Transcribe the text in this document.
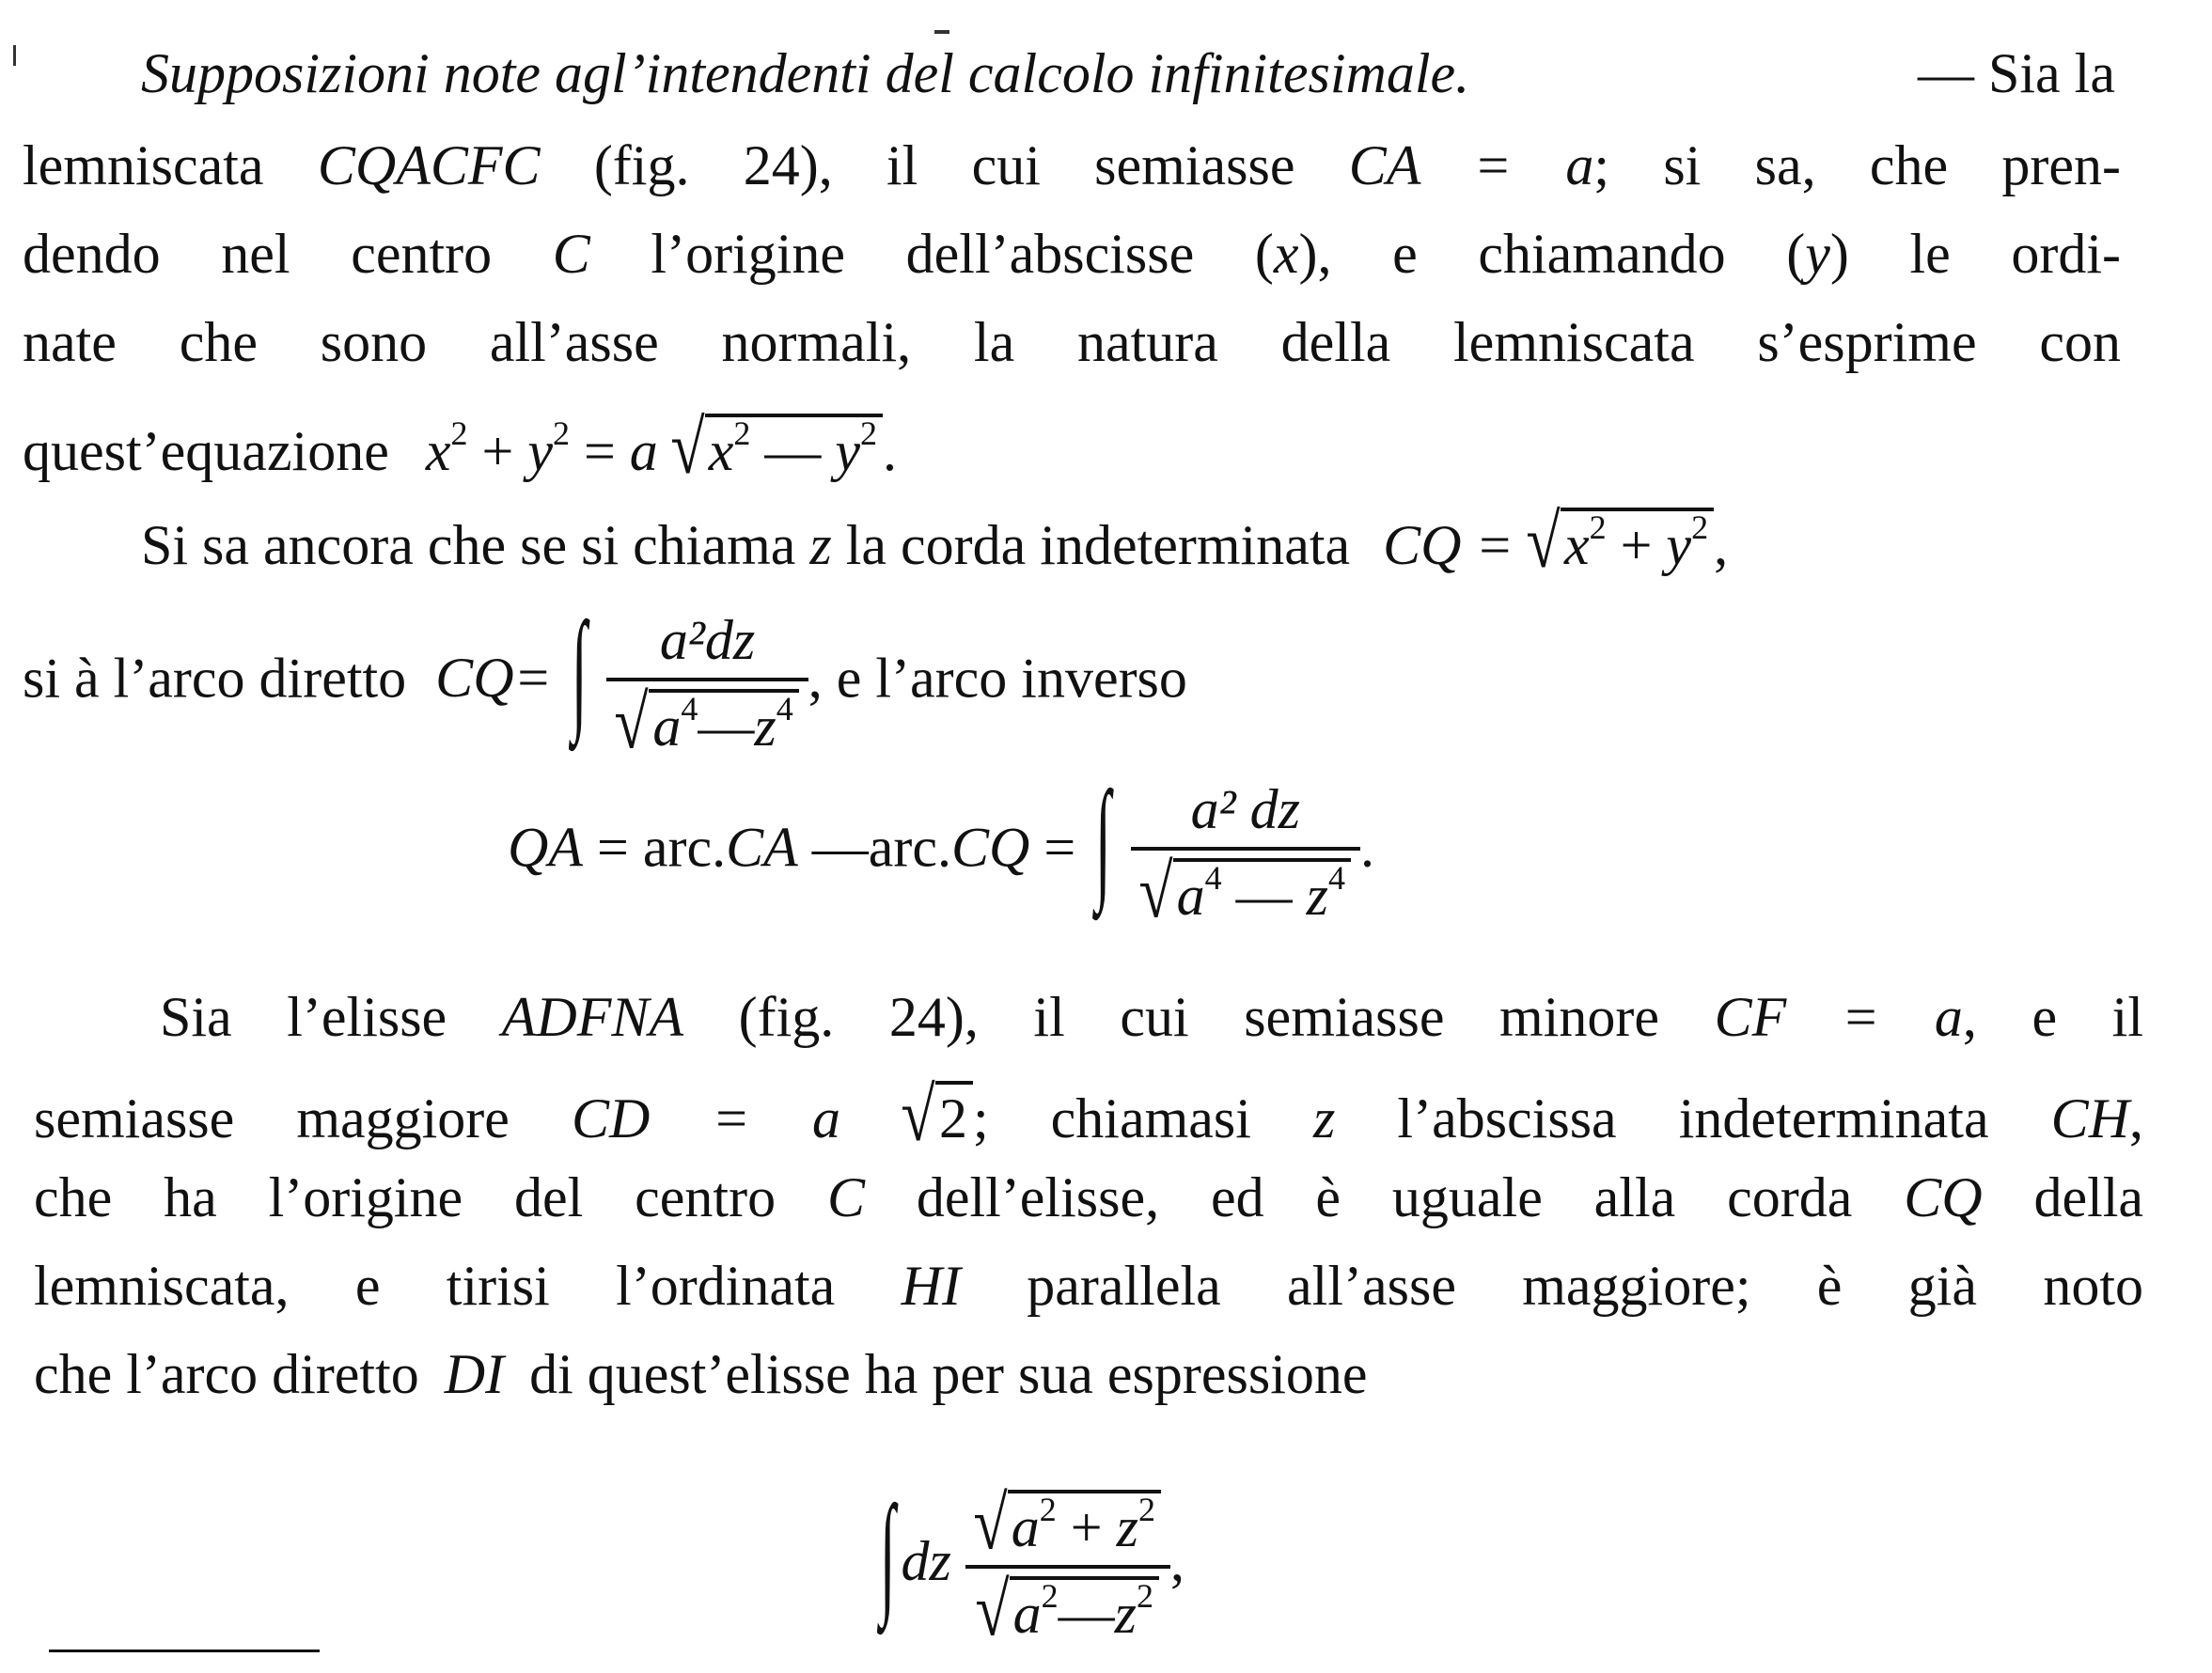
Supposizioni note agl’intendenti del calcolo infinitesimale.	— Sia la
lemniscata CQACFC (fig. 24), il cui semiasse CA = a; si sa, che pren-
dendo nel centro C l’origine dell’abscisse (x), e chiamando (y) le ordi-
nate che sono all’asse normali, la natura della lemniscata s’esprime con
quest’equazione $x^2 + y^2 = a$ $√x^2$ — $y^2$ .
Si sa ancora che se si chiama z la corda indeterminata CQ = $√x^2 + y^2$ ,
si à l’arco diretto CQ= ∫ $\frac{\text{a²dz}}{√a^4—z^4}$ , e l’arco inverso
QA = arc.CA —arc.CQ = ∫ $\frac{\text{a² dz}}{√a^4 — z^4}$ .
Sia l’elisse ADFNA (fig. 24), il cui semiasse minore CF = a, e il
semiasse maggiore CD = a √2 ; chiamasi z l’abscissa indeterminata CH,
che ha l’origine del centro C dell’elisse, ed è uguale alla corda CQ della
lemniscata, e tirisi l’ordinata HI parallela all’asse maggiore; è già noto
che l’arco diretto DI di quest’elisse ha per sua espressione
∫ dz $\frac{√a^2 + z^2}{√a^2—z^2}$ ,
